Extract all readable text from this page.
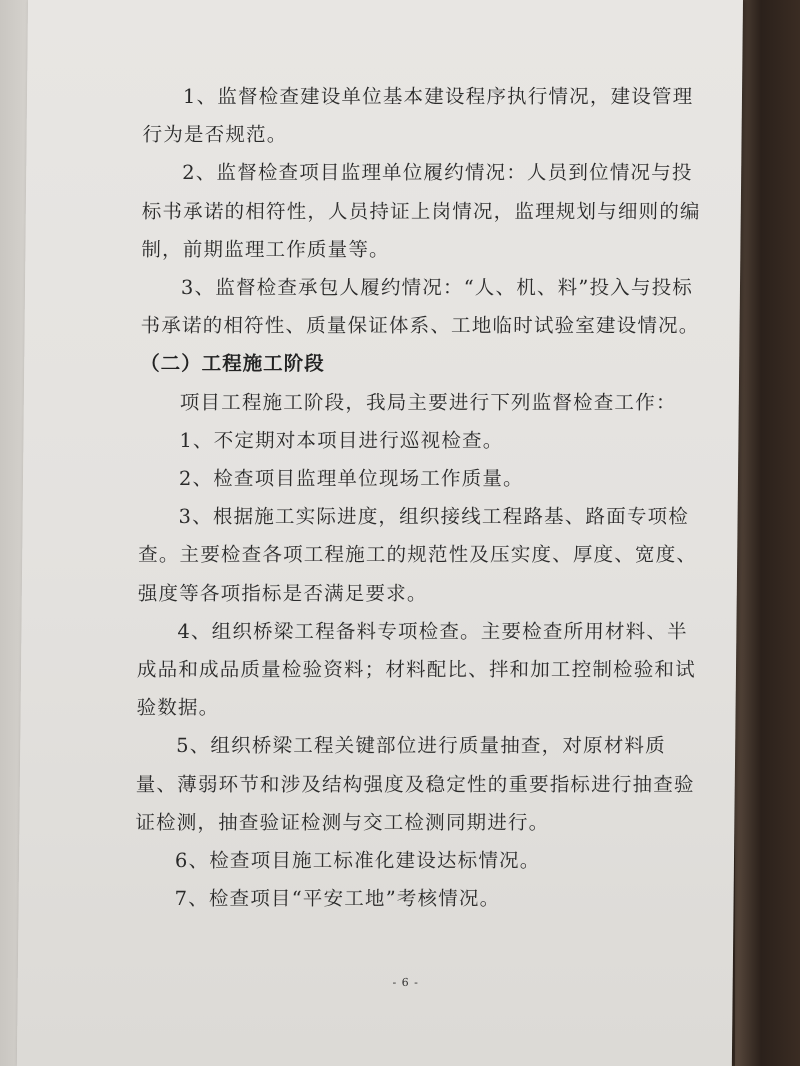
1、监督检查建设单位基本建设程序执行情况，建设管理行为是否规范。

2、监督检查项目监理单位履约情况：人员到位情况与投标书承诺的相符性，人员持证上岗情况，监理规划与细则的编制，前期监理工作质量等。

3、监督检查承包人履约情况：“人、机、料”投入与投标书承诺的相符性、质量保证体系、工地临时试验室建设情况。

（二）工程施工阶段

项目工程施工阶段，我局主要进行下列监督检查工作：

1、不定期对本项目进行巡视检查。

2、检查项目监理单位现场工作质量。

3、根据施工实际进度，组织接线工程路基、路面专项检查。主要检查各项工程施工的规范性及压实度、厚度、宽度、强度等各项指标是否满足要求。

4、组织桥梁工程备料专项检查。主要检查所用材料、半成品和成品质量检验资料；材料配比、拌和加工控制检验和试验数据。

5、组织桥梁工程关键部位进行质量抽查，对原材料质量、薄弱环节和涉及结构强度及稳定性的重要指标进行抽查验证检测，抽查验证检测与交工检测同期进行。

6、检查项目施工标准化建设达标情况。

7、检查项目“平安工地”考核情况。

- 6 -
